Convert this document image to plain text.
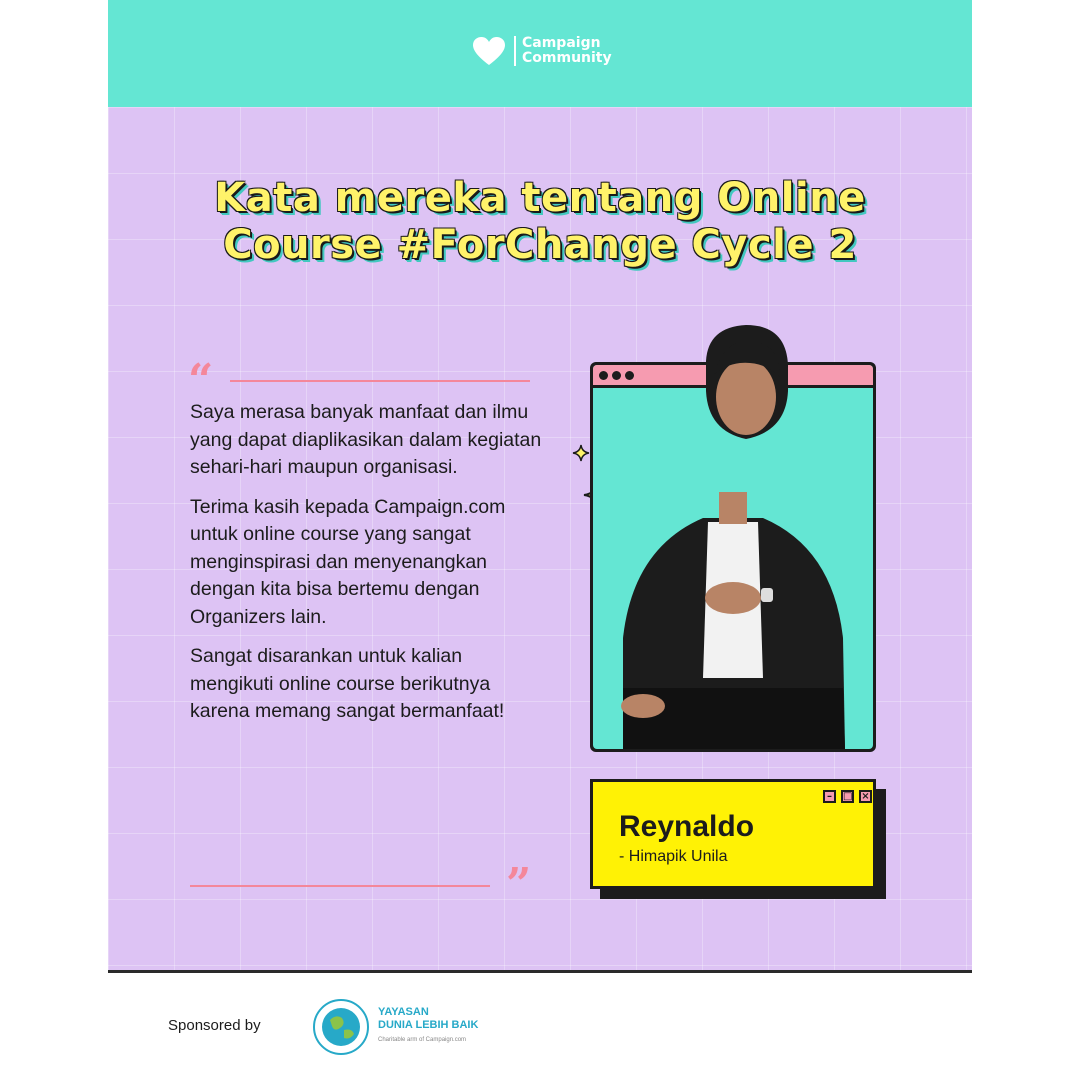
Campaign
Community
Kata mereka tentang Online
Course #ForChange Cycle 2
“

Saya merasa banyak manfaat dan ilmu yang dapat diaplikasikan dalam kegiatan sehari-hari maupun organisasi.

Terima kasih kepada Campaign.com untuk online course yang sangat menginspirasi dan menyenangkan dengan kita bisa bertemu dengan Organizers lain.

Sangat disarankan untuk kalian mengikuti online course berikutnya karena memang sangat bermanfaat!

”
–	□ ×
Reynaldo
- Himapik Unila
Sponsored by
YAYASAN
DUNIA LEBIH BAIK
Charitable arm of Campaign.com
